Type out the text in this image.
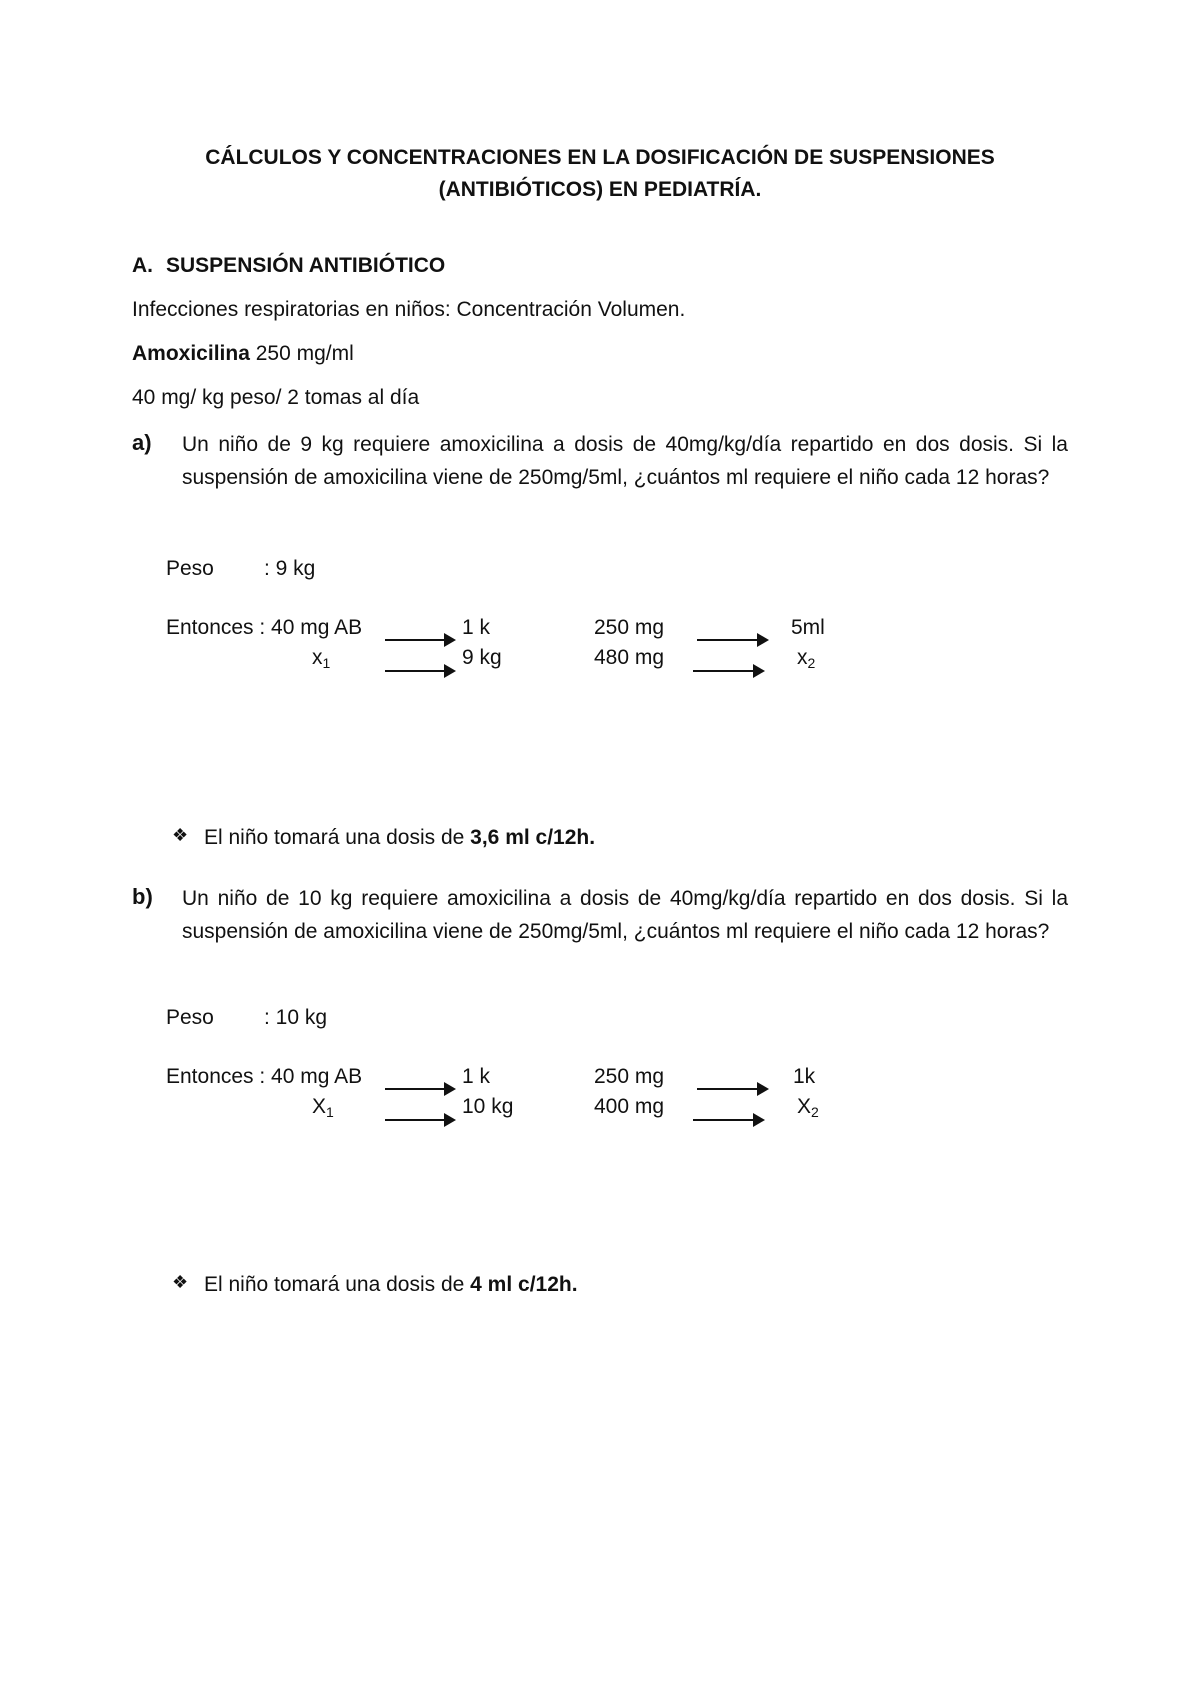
CÁLCULOS Y CONCENTRACIONES EN LA DOSIFICACIÓN DE SUSPENSIONES
(ANTIBIÓTICOS) EN PEDIATRÍA.
A. SUSPENSIÓN ANTIBIÓTICO
Infecciones respiratorias en niños: Concentración Volumen.
Amoxicilina 250 mg/ml
40 mg/ kg peso/ 2 tomas al día
a) Un niño de 9 kg requiere amoxicilina a dosis de 40mg/kg/día repartido en dos dosis. Si la suspensión de amoxicilina viene de 250mg/5ml, ¿cuántos ml requiere el niño cada 12 horas?
Peso : 9 kg
Entonces : 40 mg AB	1 k	250 mg	5ml
$x_1$	9 kg	480 mg	$x_2$
❖ El niño tomará una dosis de 3,6 ml c/12h.
b) Un niño de 10 kg requiere amoxicilina a dosis de 40mg/kg/día repartido en dos dosis. Si la suspensión de amoxicilina viene de 250mg/5ml, ¿cuántos ml requiere el niño cada 12 horas?
Peso : 10 kg
Entonces : 40 mg AB	1 k	250 mg	1k
$X_1$	10 kg	400 mg	$X_2$
❖ El niño tomará una dosis de 4 ml c/12h.
